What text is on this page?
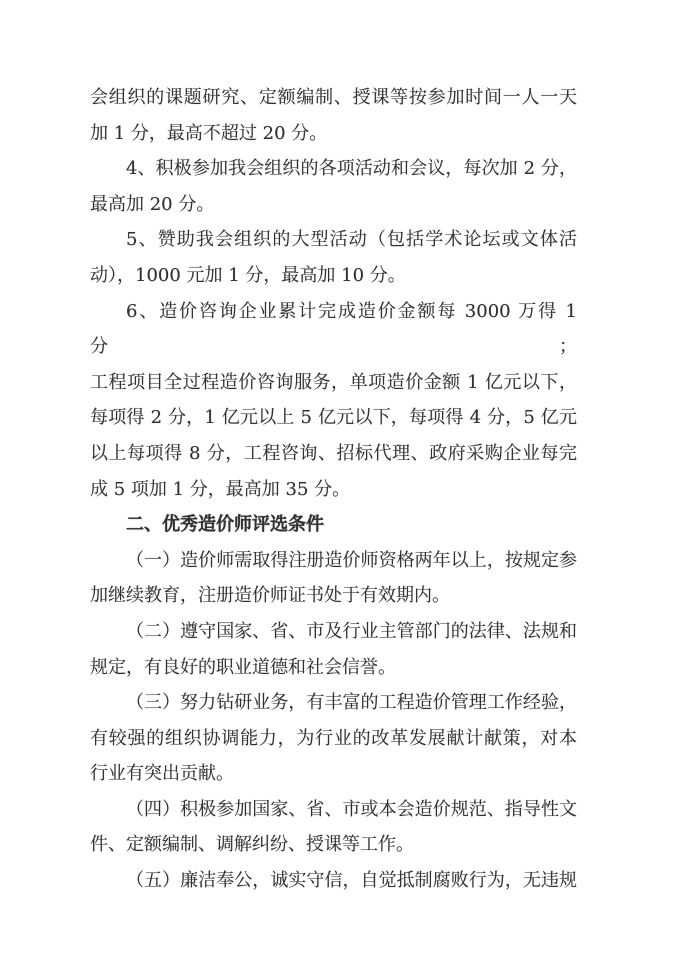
会组织的课题研究、定额编制、授课等按参加时间一人一天
加 1 分，最高不超过 20 分。
4、积极参加我会组织的各项活动和会议，每次加 2 分，
最高加 20 分。
5、赞助我会组织的大型活动（包括学术论坛或文体活
动），1000 元加 1 分，最高加 10 分。
6、造价咨询企业累计完成造价金额每 3000 万得 1 分；
工程项目全过程造价咨询服务，单项造价金额 1 亿元以下，
每项得 2 分，1 亿元以上 5 亿元以下，每项得 4 分，5 亿元
以上每项得 8 分，工程咨询、招标代理、政府采购企业每完
成 5 项加 1 分，最高加 35 分。
二、优秀造价师评选条件
（一）造价师需取得注册造价师资格两年以上，按规定参
加继续教育，注册造价师证书处于有效期内。
（二）遵守国家、省、市及行业主管部门的法律、法规和
规定，有良好的职业道德和社会信誉。
（三）努力钻研业务，有丰富的工程造价管理工作经验，
有较强的组织协调能力，为行业的改革发展献计献策，对本
行业有突出贡献。
（四）积极参加国家、省、市或本会造价规范、指导性文
件、定额编制、调解纠纷、授课等工作。
（五）廉洁奉公，诚实守信，自觉抵制腐败行为，无违规
